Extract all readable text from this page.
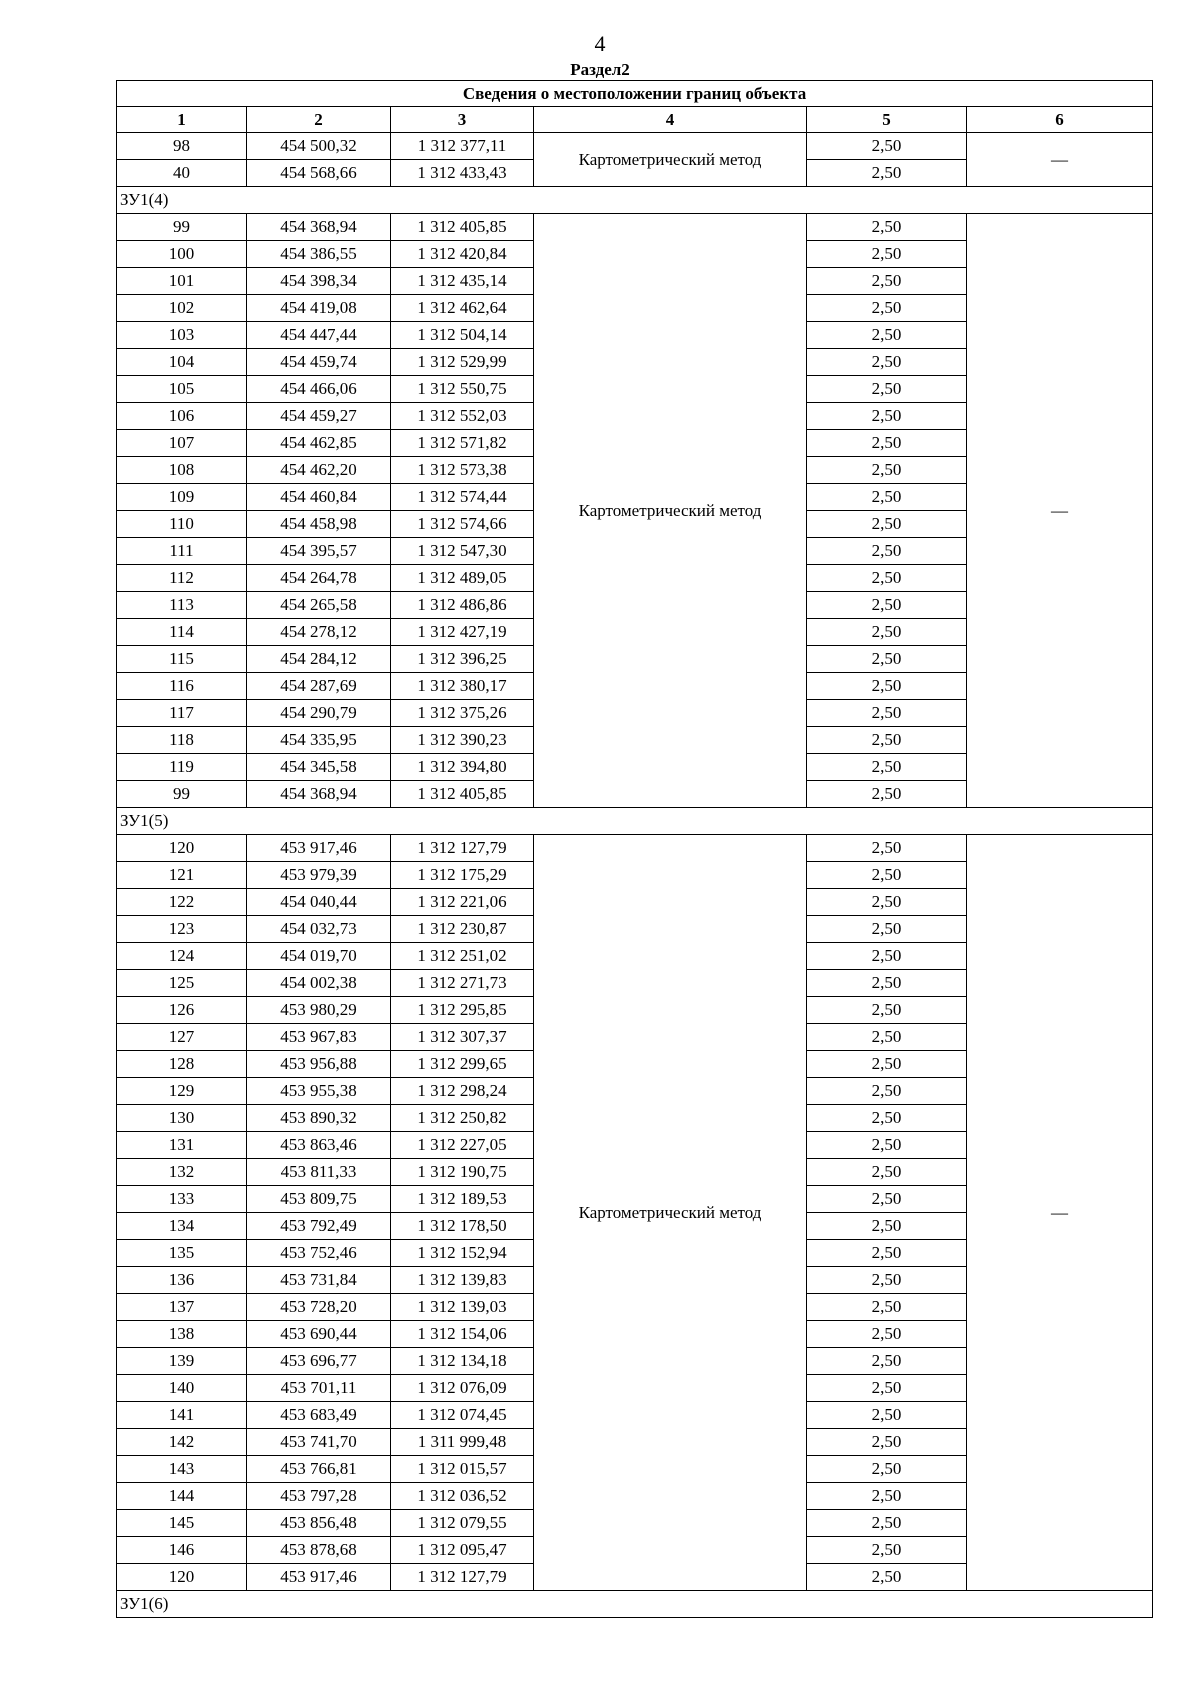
4
Раздел2
Сведения о местоположении границ объекта					
1	2	3	4	5	6
98	454 500,32	1 312 377,11	Картометрический метод	2,50	—
40	454 568,66	1 312 433,43		2,50	
ЗУ1(4)					
99	454 368,94	1 312 405,85	Картометрический метод	2,50	—
100	454 386,55	1 312 420,84		2,50	
101	454 398,34	1 312 435,14		2,50	
102	454 419,08	1 312 462,64		2,50	
103	454 447,44	1 312 504,14		2,50	
104	454 459,74	1 312 529,99		2,50	
105	454 466,06	1 312 550,75		2,50	
106	454 459,27	1 312 552,03		2,50	
107	454 462,85	1 312 571,82		2,50	
108	454 462,20	1 312 573,38		2,50	
109	454 460,84	1 312 574,44		2,50	
110	454 458,98	1 312 574,66		2,50	
111	454 395,57	1 312 547,30		2,50	
112	454 264,78	1 312 489,05		2,50	
113	454 265,58	1 312 486,86		2,50	
114	454 278,12	1 312 427,19		2,50	
115	454 284,12	1 312 396,25		2,50	
116	454 287,69	1 312 380,17		2,50	
117	454 290,79	1 312 375,26		2,50	
118	454 335,95	1 312 390,23		2,50	
119	454 345,58	1 312 394,80		2,50	
99	454 368,94	1 312 405,85		2,50	
ЗУ1(5)					
120	453 917,46	1 312 127,79	Картометрический метод	2,50	—
121	453 979,39	1 312 175,29		2,50	
122	454 040,44	1 312 221,06		2,50	
123	454 032,73	1 312 230,87		2,50	
124	454 019,70	1 312 251,02		2,50	
125	454 002,38	1 312 271,73		2,50	
126	453 980,29	1 312 295,85		2,50	
127	453 967,83	1 312 307,37		2,50	
128	453 956,88	1 312 299,65		2,50	
129	453 955,38	1 312 298,24		2,50	
130	453 890,32	1 312 250,82		2,50	
131	453 863,46	1 312 227,05		2,50	
132	453 811,33	1 312 190,75		2,50	
133	453 809,75	1 312 189,53		2,50	
134	453 792,49	1 312 178,50		2,50	
135	453 752,46	1 312 152,94		2,50	
136	453 731,84	1 312 139,83		2,50	
137	453 728,20	1 312 139,03		2,50	
138	453 690,44	1 312 154,06		2,50	
139	453 696,77	1 312 134,18		2,50	
140	453 701,11	1 312 076,09		2,50	
141	453 683,49	1 312 074,45		2,50	
142	453 741,70	1 311 999,48		2,50	
143	453 766,81	1 312 015,57		2,50	
144	453 797,28	1 312 036,52		2,50	
145	453 856,48	1 312 079,55		2,50	
146	453 878,68	1 312 095,47		2,50	
120	453 917,46	1 312 127,79		2,50	
ЗУ1(6)					
